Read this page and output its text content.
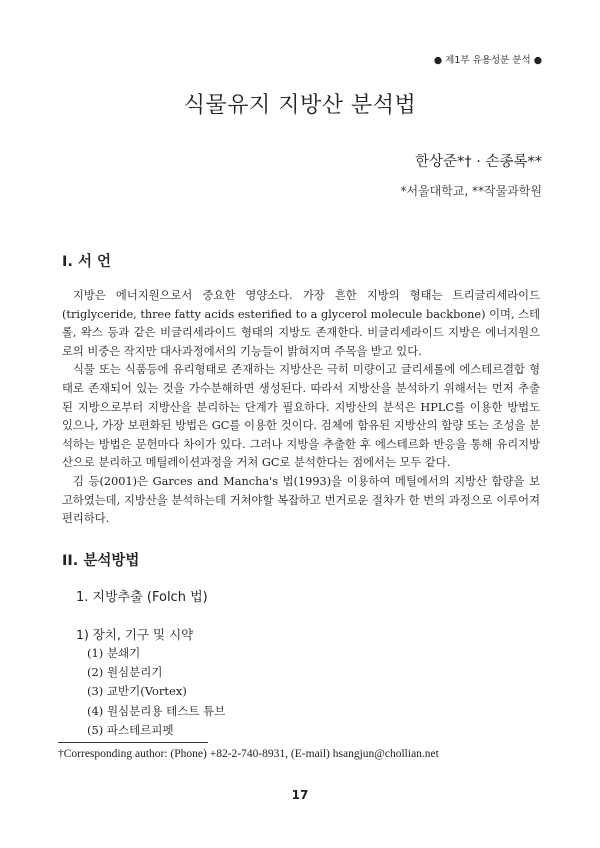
● 제1부 유용성분 분석 ●
식물유지 지방산 분석법
한상준*† · 손종록**
*서울대학교, **작물과학원
I. 서 언

지방은 에너지원으로서 중요한 영양소다. 가장 흔한 지방의 형태는 트리글리세라이드 (triglyceride, three fatty acids esterified to a glycerol molecule backbone) 이며, 스테롤, 왁스 등과 같은 비글리세라이드 형태의 지방도 존재한다. 비글리세라이드 지방은 에너지원으로의 비중은 작지만 대사과정에서의 기능들이 밝혀지며 주목을 받고 있다.

식물 또는 식품등에 유리형태로 존재하는 지방산은 극히 미량이고 글리세롤에 에스테르결합 형태로 존재되어 있는 것을 가수분해하면 생성된다. 따라서 지방산을 분석하기 위해서는 먼저 추출된 지방으로부터 지방산을 분리하는 단계가 필요하다. 지방산의 분석은 HPLC를 이용한 방법도 있으나, 가장 보편화된 방법은 GC를 이용한 것이다. 검체에 함유된 지방산의 함량 또는 조성을 분석하는 방법은 문헌마다 차이가 있다. 그러나 지방을 추출한 후 에스테르화 반응을 통해 유리지방산으로 분리하고 메틸레이션과정을 거쳐 GC로 분석한다는 점에서는 모두 같다.

김 등(2001)은 Garces and Mancha's 법(1993)을 이용하여 메틸에서의 지방산 함량을 보고하였는데, 지방산을 분석하는데 거쳐야할 복잡하고 번거로운 절차가 한 번의 과정으로 이루어져 편리하다.

II. 분석방법
1. 지방추출 (Folch 법)
1) 장치, 기구 및 시약
(1) 분쇄기
(2) 원심분리기
(3) 교반기(Vortex)
(4) 원심분리용 테스트 튜브
(5) 파스테르피펫
†Corresponding author: (Phone) +82-2-740-8931, (E-mail) hsangjun@chollian.net
17
